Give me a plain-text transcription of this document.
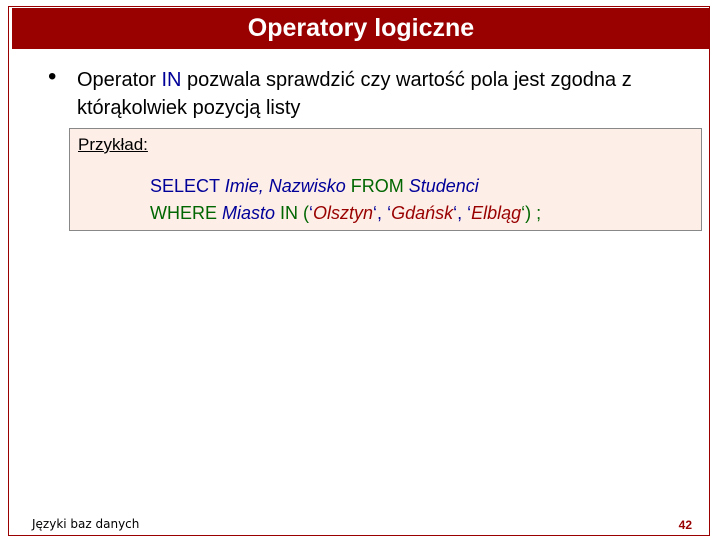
Operatory logiczne
• Operator IN pozwala sprawdzić czy wartość pola jest zgodna z którąkolwiek pozycją listy
Przykład:
SELECT Imie, Nazwisko FROM Studenci
WHERE Miasto IN (‘Olsztyn‘, ‘Gdańsk‘, ‘Elbląg‘) ;
Języki baz danych	42
